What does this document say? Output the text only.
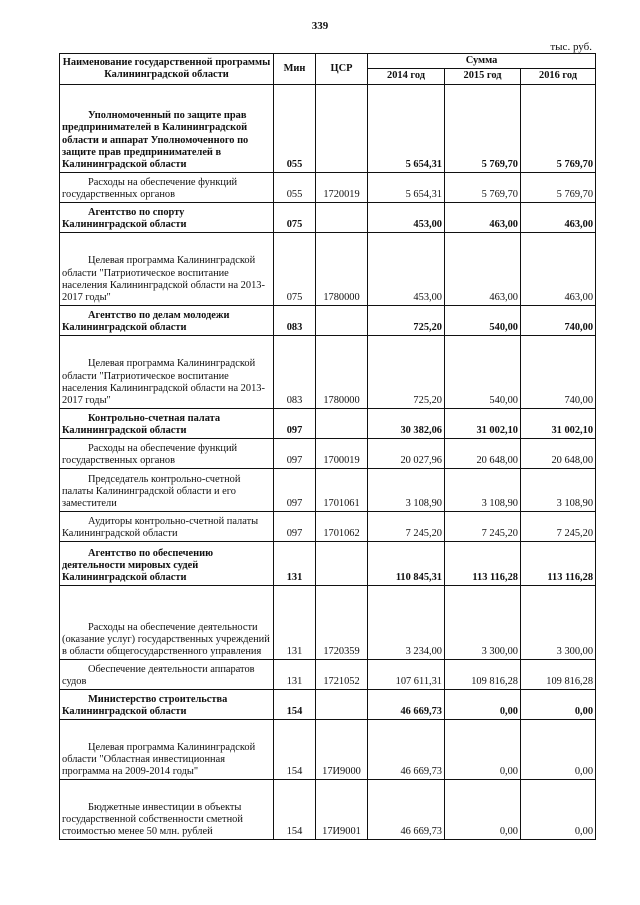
339
тыс. руб.
Наименование государственной программы Калининградской области	Мин	ЦСР	Сумма		
			2014 год	2015 год	2016 год
Уполномоченный по защите прав предпринимателей в Калининградской области и аппарат Уполномоченного по защите прав предпринимателей в Калининградской области	055		5 654,31	5 769,70	5 769,70
Расходы на обеспечение функций государственных органов	055	1720019	5 654,31	5 769,70	5 769,70
Агентство по спорту Калининградской области	075		453,00	463,00	463,00
Целевая программа Калининградской области "Патриотическое воспитание населения Калининградской области на 2013-2017 годы"	075	1780000	453,00	463,00	463,00
Агентство по делам молодежи Калининградской области	083		725,20	540,00	740,00
Целевая программа Калининградской области "Патриотическое воспитание населения Калининградской области на 2013-2017 годы"	083	1780000	725,20	540,00	740,00
Контрольно-счетная палата Калининградской области	097		30 382,06	31 002,10	31 002,10
Расходы на обеспечение функций государственных органов	097	1700019	20 027,96	20 648,00	20 648,00
Председатель контрольно-счетной палаты Калининградской области и его заместители	097	1701061	3 108,90	3 108,90	3 108,90
Аудиторы контрольно-счетной палаты Калининградской области	097	1701062	7 245,20	7 245,20	7 245,20
Агентство по обеспечению деятельности мировых судей Калининградской области	131		110 845,31	113 116,28	113 116,28
Расходы на обеспечение деятельности (оказание услуг) государственных учреждений в области общегосударственного управления	131	1720359	3 234,00	3 300,00	3 300,00
Обеспечение деятельности аппаратов судов	131	1721052	107 611,31	109 816,28	109 816,28
Министерство строительства Калининградской области	154		46 669,73	0,00	0,00
Целевая программа Калининградской области "Областная инвестиционная программа на 2009-2014 годы"	154	17И9000	46 669,73	0,00	0,00
Бюджетные инвестиции в объекты государственной собственности сметной стоимостью менее 50 млн. рублей	154	17И9001	46 669,73	0,00	0,00
